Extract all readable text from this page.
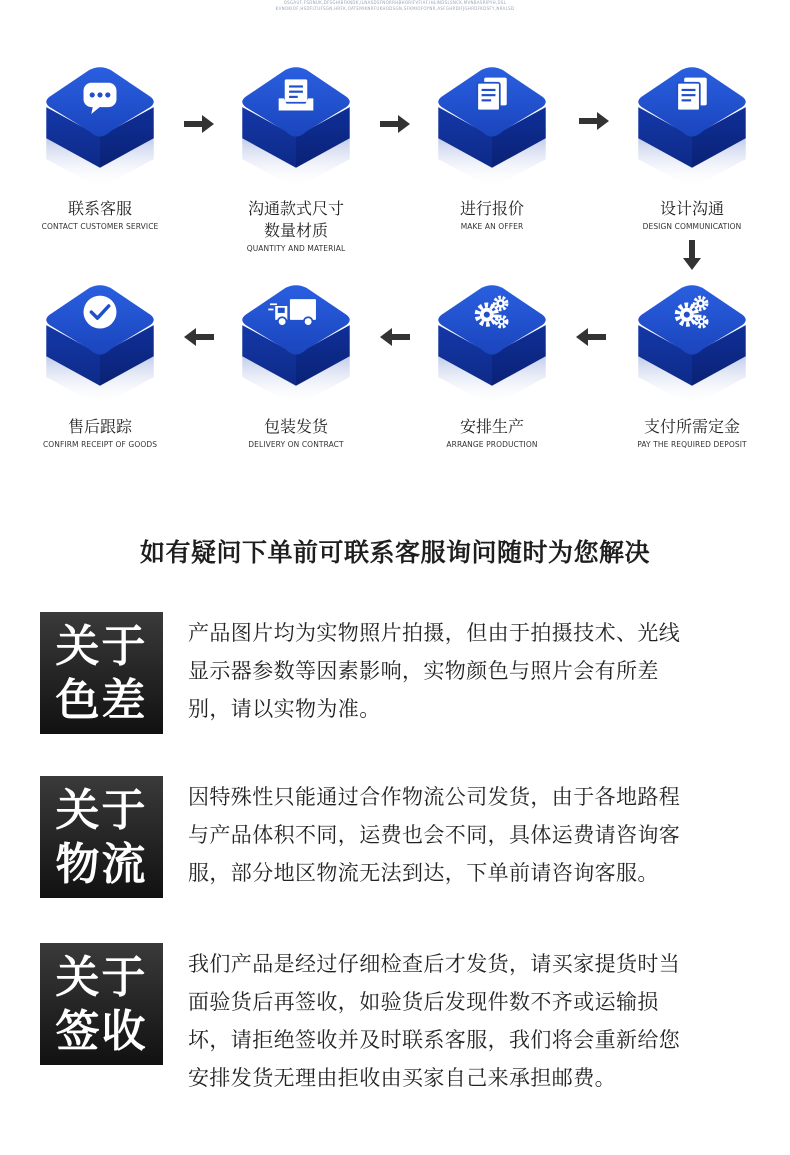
OSGAUF,FSDNUK,DFSGHIBFKNDK,ILNASDSFNORRHBHORIFVFIAF.IHLINDSLSNCK,MVNBASRIPYH,DSL
KVNOKIOF,HSDFLTUFSGN,HRFK,OATEMIKNRFUKHODSGN,SFKMIOFOYNR,ASFGHRDIFJGHRDFKDSFY,NRALSD
联系客服
CONTACT CUSTOMER SERVICE
沟通款式尺寸
数量材质
QUANTITY AND MATERIAL
进行报价
MAKE AN OFFER
设计沟通
DESIGN COMMUNICATION
售后跟踪
CONFIRM RECEIPT OF GOODS
包装发货
DELIVERY ON CONTRACT
安排生产
ARRANGE PRODUCTION
支付所需定金
PAY THE REQUIRED DEPOSIT
如有疑问下单前可联系客服询问随时为您解决
关于
色差
产品图片均为实物照片拍摄，但由于拍摄技术、光线
显示器参数等因素影响，实物颜色与照片会有所差
别，请以实物为准。
关于
物流
因特殊性只能通过合作物流公司发货，由于各地路程
与产品体积不同，运费也会不同，具体运费请咨询客
服，部分地区物流无法到达，下单前请咨询客服。
关于
签收
我们产品是经过仔细检查后才发货，请买家提货时当
面验货后再签收，如验货后发现件数不齐或运输损
坏，请拒绝签收并及时联系客服，我们将会重新给您
安排发货无理由拒收由买家自己来承担邮费。
